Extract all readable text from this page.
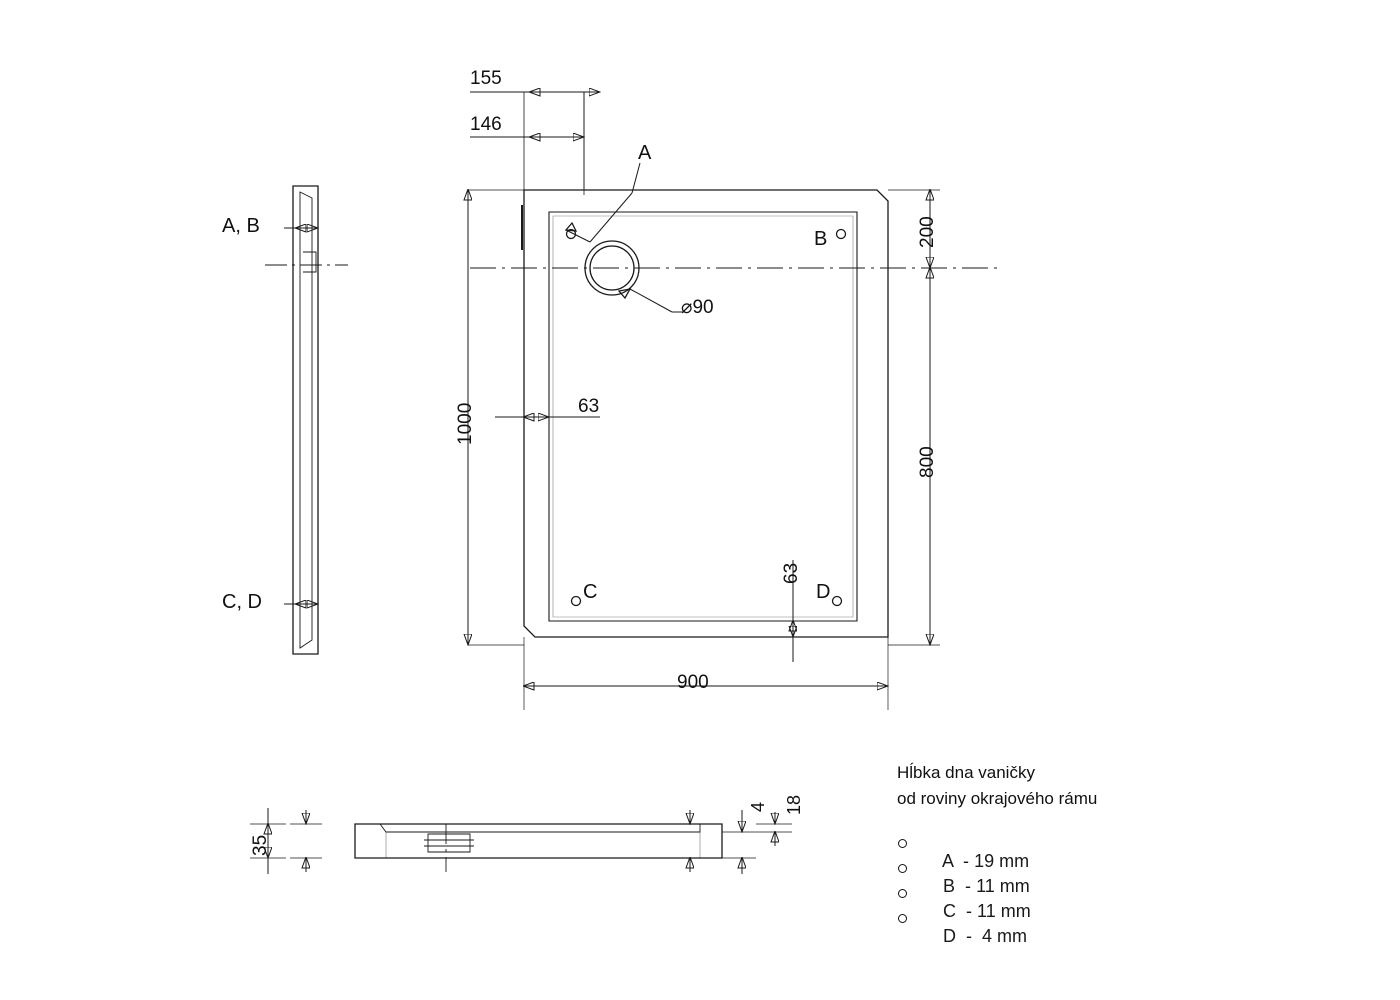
155
146
A
B
C	D
⌀90
1000
800
200
63
63
900
A, B
C, D
35
4 18
Hĺbka dna vaničky
od roviny okrajového rámu

A - 19 mm

B - 11 mm

C - 11 mm

D - 4 mm
